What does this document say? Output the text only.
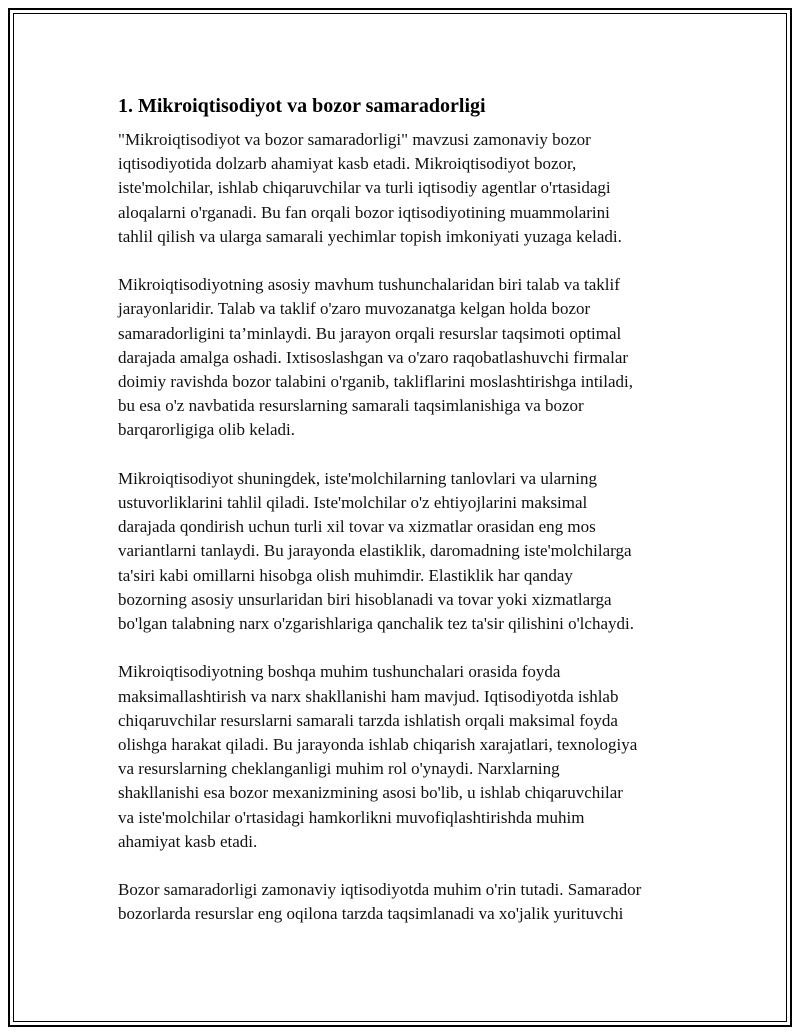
1. Mikroiqtisodiyot va bozor samaradorligi

"Mikroiqtisodiyot va bozor samaradorligi" mavzusi zamonaviy bozor
iqtisodiyotida dolzarb ahamiyat kasb etadi. Mikroiqtisodiyot bozor,
iste'molchilar, ishlab chiqaruvchilar va turli iqtisodiy agentlar o'rtasidagi
aloqalarni o'rganadi. Bu fan orqali bozor iqtisodiyotining muammolarini
tahlil qilish va ularga samarali yechimlar topish imkoniyati yuzaga keladi.

Mikroiqtisodiyotning asosiy mavhum tushunchalaridan biri talab va taklif
jarayonlaridir. Talab va taklif o'zaro muvozanatga kelgan holda bozor
samaradorligini ta’minlaydi. Bu jarayon orqali resurslar taqsimoti optimal
darajada amalga oshadi. Ixtisoslashgan va o'zaro raqobatlashuvchi firmalar
doimiy ravishda bozor talabini o'rganib, takliflarini moslashtirishga intiladi,
bu esa o'z navbatida resurslarning samarali taqsimlanishiga va bozor
barqarorligiga olib keladi.

Mikroiqtisodiyot shuningdek, iste'molchilarning tanlovlari va ularning
ustuvorliklarini tahlil qiladi. Iste'molchilar o'z ehtiyojlarini maksimal
darajada qondirish uchun turli xil tovar va xizmatlar orasidan eng mos
variantlarni tanlaydi. Bu jarayonda elastiklik, daromadning iste'molchilarga
ta'siri kabi omillarni hisobga olish muhimdir. Elastiklik har qanday
bozorning asosiy unsurlaridan biri hisoblanadi va tovar yoki xizmatlarga
bo'lgan talabning narx o'zgarishlariga qanchalik tez ta'sir qilishini o'lchaydi.

Mikroiqtisodiyotning boshqa muhim tushunchalari orasida foyda
maksimallashtirish va narx shakllanishi ham mavjud. Iqtisodiyotda ishlab
chiqaruvchilar resurslarni samarali tarzda ishlatish orqali maksimal foyda
olishga harakat qiladi. Bu jarayonda ishlab chiqarish xarajatlari, texnologiya
va resurslarning cheklanganligi muhim rol o'ynaydi. Narxlarning
shakllanishi esa bozor mexanizmining asosi bo'lib, u ishlab chiqaruvchilar
va iste'molchilar o'rtasidagi hamkorlikni muvofiqlashtirishda muhim
ahamiyat kasb etadi.

Bozor samaradorligi zamonaviy iqtisodiyotda muhim o'rin tutadi. Samarador
bozorlarda resurslar eng oqilona tarzda taqsimlanadi va xo'jalik yurituvchi
